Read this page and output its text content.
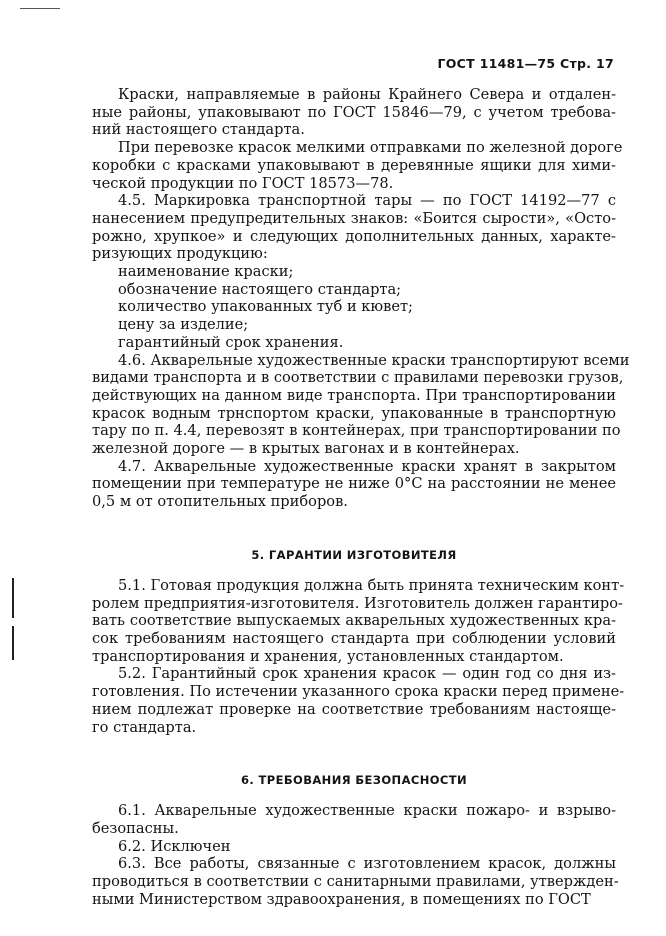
ГОСТ 11481—75 Стр. 17
Краски, направляемые в районы Крайнего Севера и отдален-
ные районы, упаковывают по ГОСТ 15846—79, с учетом требова-
ний настоящего стандарта.
При перевозке красок мелкими отправками по железной дороге
коробки с красками упаковывают в деревянные ящики для хими-
ческой продукции по ГОСТ 18573—78.
4.5. Маркировка транспортной тары — по ГОСТ 14192—77 с
нанесением предупредительных знаков: «Боится сырости», «Осто-
рожно, хрупкое» и следующих дополнительных данных, характе-
ризующих продукцию:
наименование краски;
обозначение настоящего стандарта;
количество упакованных туб и кювет;
цену за изделие;
гарантийный срок хранения.
4.6. Акварельные художественные краски транспортируют всеми
видами транспорта и в соответствии с правилами перевозки грузов,
действующих на данном виде транспорта. При транспортировании
красок водным трнспортом краски, упакованные в транспортную
тару по п. 4.4, перевозят в контейнерах, при транспортировании по
железной дороге — в крытых вагонах и в контейнерах.
4.7. Акварельные художественные краски хранят в закрытом
помещении при температуре не ниже 0°С на расстоянии не менее
0,5 м от отопительных приборов.
5. ГАРАНТИИ ИЗГОТОВИТЕЛЯ
5.1. Готовая продукция должна быть принята техническим конт-
ролем предприятия-изготовителя. Изготовитель должен гарантиро-
вать соответствие выпускаемых акварельных художественных кра-
сок требованиям настоящего стандарта при соблюдении условий
транспортирования и хранения, установленных стандартом.
5.2. Гарантийный срок хранения красок — один год со дня из-
готовления. По истечении указанного срока краски перед примене-
нием подлежат проверке на соответствие требованиям настояще-
го стандарта.
6. ТРЕБОВАНИЯ БЕЗОПАСНОСТИ
6.1. Акварельные художественные краски пожаро- и взрыво-
безопасны.
6.2. Исключен
6.3. Все работы, связанные с изготовлением красок, должны
проводиться в соответствии с санитарными правилами, утвержден-
ными Министерством здравоохранения, в помещениях по ГОСТ
